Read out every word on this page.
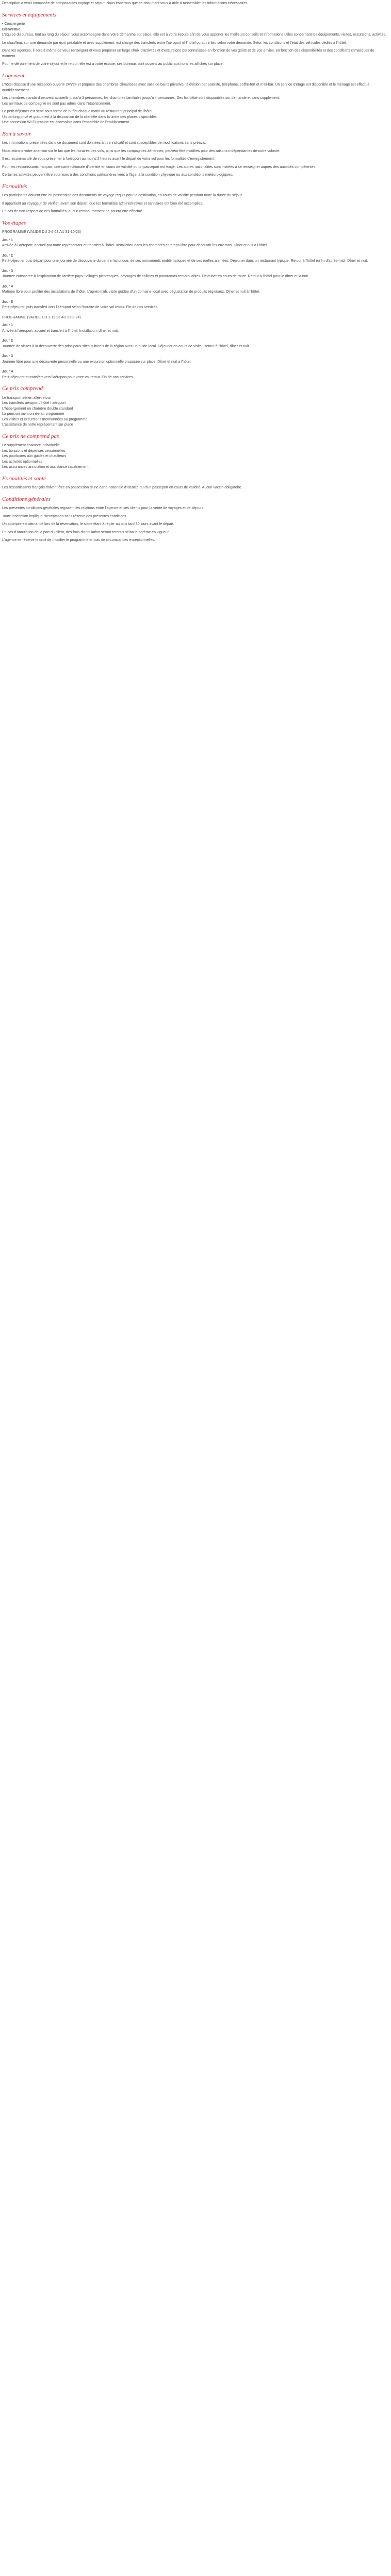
Description à venir composée de composantes voyage et séjour. Nous espérons que ce document vous a aidé à rassembler les informations nécessaires.

Services et équipements

• Conciergerie

Bienvenue

L'équipe du bureau, tout au long du séjour, vous accompagne dans votre démarche sur place, elle est à votre écoute afin de vous apporter les meilleurs conseils et informations utiles concernant les équipements, visites, excursions, activités.

Le chauffeur, sur une demande par écrit préalable et avec supplément, est chargé des transferts entre l'aéroport et l'hôtel ou autre lieu selon votre demande. Selon les conditions et l'état des véhicules dédiés à l'hôtel.

Dans les agences, il sera à même de vous renseigner et vous proposer un large choix d'activités et d'excursions personnalisées en fonction de vos goûts et de vos envies, en fonction des disponibilités et des conditions climatiques du moment.

Pour le déroulement de votre séjour et le retour, elle est à votre écoute, ses bureaux sont ouverts au public aux horaires affichés sur place.

Logement

L'hôtel dispose d'une réception ouverte 24h/24 et propose des chambres climatisées avec salle de bains privative, télévision par satellite, téléphone, coffre-fort et mini-bar. Un service d'étage est disponible et le ménage est effectué quotidiennement.

Les chambres standard peuvent accueillir jusqu'à 3 personnes, les chambres familiales jusqu'à 4 personnes. Des lits bébé sont disponibles sur demande et sans supplément.

Les animaux de compagnie ne sont pas admis dans l'établissement.

Le petit-déjeuner est servi sous forme de buffet chaque matin au restaurant principal de l'hôtel.

Un parking privé et gratuit est à la disposition de la clientèle dans la limite des places disponibles.

Une connexion Wi-Fi gratuite est accessible dans l'ensemble de l'établissement.

Bon à savoir

Les informations présentées dans ce document sont données à titre indicatif et sont susceptibles de modifications sans préavis.

Nous attirons votre attention sur le fait que les horaires des vols, ainsi que les compagnies aériennes, peuvent être modifiés pour des raisons indépendantes de notre volonté.

Il est recommandé de vous présenter à l'aéroport au moins 2 heures avant le départ de votre vol pour les formalités d'enregistrement.

Pour les ressortissants français, une carte nationale d'identité en cours de validité ou un passeport est exigé. Les autres nationalités sont invitées à se renseigner auprès des autorités compétentes.

Certaines activités peuvent être soumises à des conditions particulières liées à l'âge, à la condition physique ou aux conditions météorologiques.

Formalités

Les participants doivent être en possession des documents de voyage requis pour la destination, en cours de validité pendant toute la durée du séjour.

Il appartient au voyageur de vérifier, avant son départ, que les formalités administratives et sanitaires ont bien été accomplies.

En cas de non-respect de ces formalités, aucun remboursement ne pourra être effectué.

Vos étapes

PROGRAMME (VALIDE DU 2-6-23 AU 31-10-23)

Jour 1

Arrivée à l'aéroport, accueil par notre représentant et transfert à l'hôtel. Installation dans les chambres et temps libre pour découvrir les environs. Dîner et nuit à l'hôtel.

Jour 2

Petit-déjeuner puis départ pour une journée de découverte du centre historique, de ses monuments emblématiques et de ses ruelles animées. Déjeuner dans un restaurant typique. Retour à l'hôtel en fin d'après-midi. Dîner et nuit.

Jour 3

Journée consacrée à l'exploration de l'arrière-pays : villages pittoresques, paysages de collines et panoramas remarquables. Déjeuner en cours de route. Retour à l'hôtel pour le dîner et la nuit.

Jour 4

Matinée libre pour profiter des installations de l'hôtel. L'après-midi, visite guidée d'un domaine local avec dégustation de produits régionaux. Dîner et nuit à l'hôtel.

Jour 5

Petit-déjeuner, puis transfert vers l'aéroport selon l'horaire de votre vol retour. Fin de nos services.

PROGRAMME (VALIDE DU 1-11-23 AU 31-3-24)

Jour 1

Arrivée à l'aéroport, accueil et transfert à l'hôtel. Installation, dîner et nuit.

Jour 2

Journée de visites à la découverte des principaux sites culturels de la région avec un guide local. Déjeuner en cours de visite. Retour à l'hôtel, dîner et nuit.

Jour 3

Journée libre pour une découverte personnelle ou une excursion optionnelle proposée sur place. Dîner et nuit à l'hôtel.

Jour 4

Petit-déjeuner et transfert vers l'aéroport pour votre vol retour. Fin de nos services.

Ce prix comprend

Le transport aérien aller-retour

Les transferts aéroport / hôtel / aéroport

L'hébergement en chambre double standard

La pension mentionnée au programme

Les visites et excursions mentionnées au programme

L'assistance de notre représentant sur place

Ce prix ne comprend pas

Le supplément chambre individuelle

Les boissons et dépenses personnelles

Les pourboires aux guides et chauffeurs

Les activités optionnelles

Les assurances annulation et assistance rapatriement

Formalités et santé

Les ressortissants français doivent être en possession d'une carte nationale d'identité ou d'un passeport en cours de validité. Aucun vaccin obligatoire.

Conditions générales

Les présentes conditions générales régissent les relations entre l'agence et ses clients pour la vente de voyages et de séjours.

Toute inscription implique l'acceptation sans réserve des présentes conditions.

Un acompte est demandé lors de la réservation, le solde étant à régler au plus tard 30 jours avant le départ.

En cas d'annulation de la part du client, des frais d'annulation seront retenus selon le barème en vigueur.

L'agence se réserve le droit de modifier le programme en cas de circonstances exceptionnelles.
